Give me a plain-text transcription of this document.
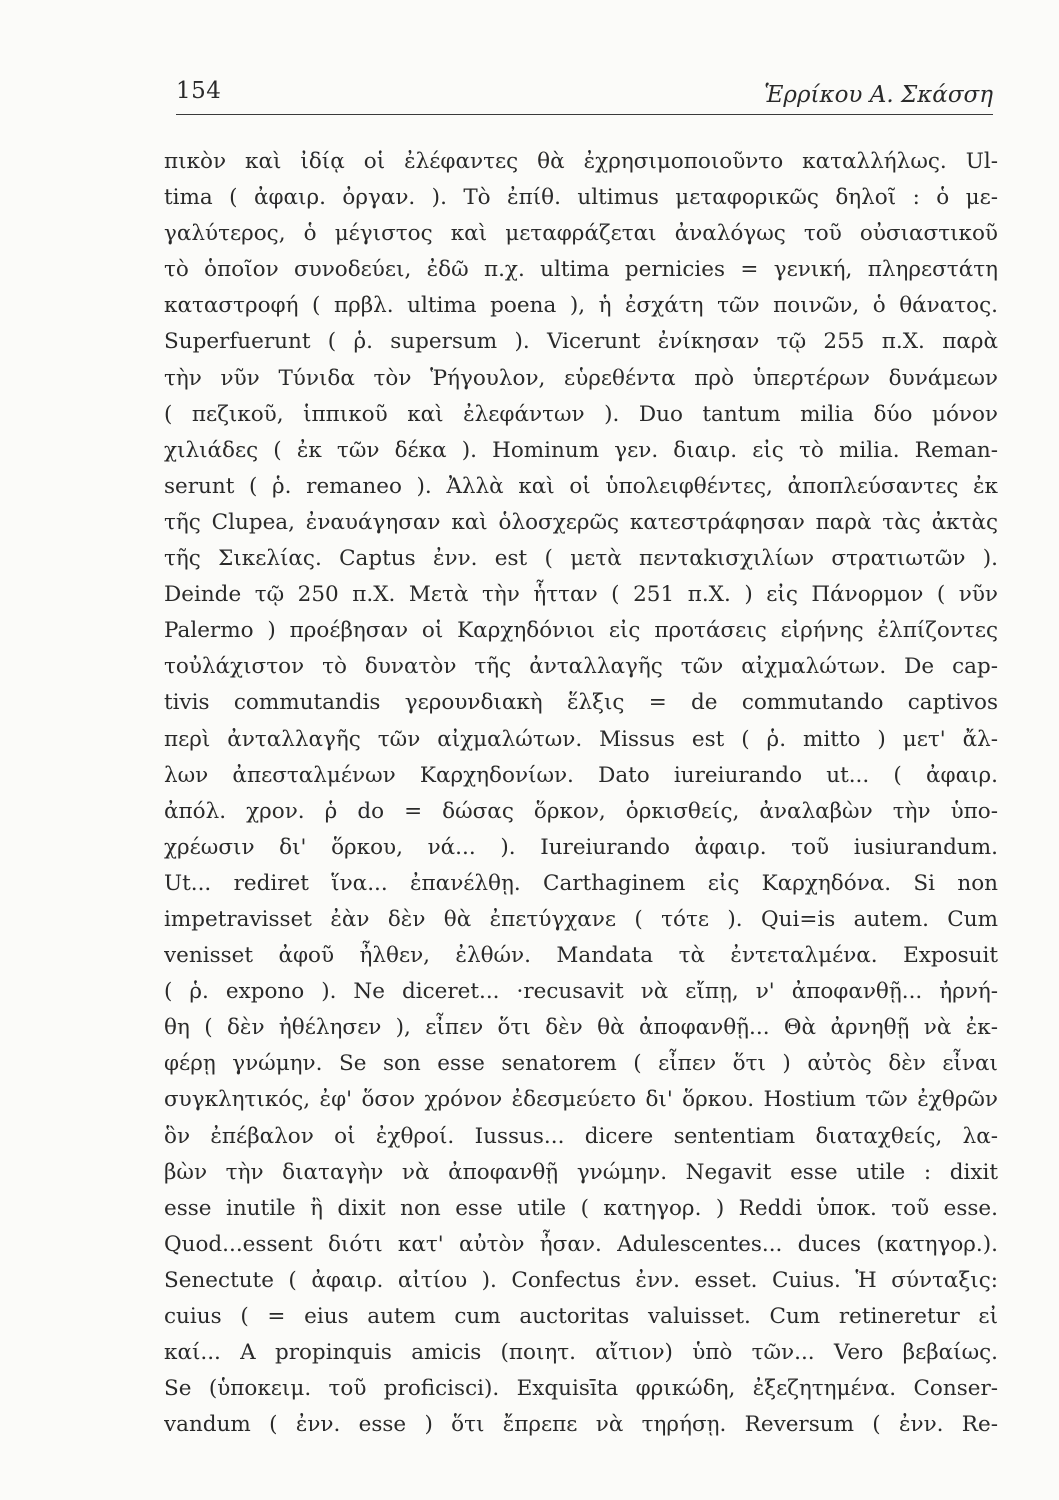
154	Ἑρρίκου Α. Σκάσση
πικὸν καὶ ἰδίᾳ οἱ ἐλέφαντες θὰ ἐχρησιμοποιοῦντο καταλλήλως. Ul-
tima ( ἀφαιρ. ὀργαν. ). Τὸ ἐπίθ. ultimus μεταφορικῶς δηλοῖ : ὁ με-
γαλύτερος, ὁ μέγιστος καὶ μεταφράζεται ἀναλόγως τοῦ οὐσιαστικοῦ
τὸ ὁποῖον συνοδεύει, ἐδῶ π.χ. ultima pernicies = γενική, πληρεστάτη
καταστροφή ( πρβλ. ultima poena ), ἡ ἐσχάτη τῶν ποινῶν, ὁ θάνατος.
Superfuerunt ( ῥ. supersum ). Vicerunt ἐνίκησαν τῷ 255 π.Χ. παρὰ
τὴν νῦν Τύνιδα τὸν Ῥήγουλον, εὑρεθέντα πρὸ ὑπερτέρων δυνάμεων
( πεζικοῦ, ἱππικοῦ καὶ ἐλεφάντων ). Duo tantum milia δύο μόνον
χιλιάδες ( ἐκ τῶν δέκα ). Hominum γεν. διαιρ. εἰς τὸ milia. Reman-
serunt ( ῥ. remaneo ). Ἀλλὰ καὶ οἱ ὑπολειφθέντες, ἀποπλεύσαντες ἐκ
τῆς Clupea, ἐναυάγησαν καὶ ὁλοσχερῶς κατεστράφησαν παρὰ τὰς ἀκτὰς
τῆς Σικελίας. Captus ἐνν. est ( μετὰ πενταkισχιλίων στρατιωτῶν ).
Deinde τῷ 250 π.Χ. Μετὰ τὴν ἧτταν ( 251 π.Χ. ) εἰς Πάνορμον ( νῦν
Palermo ) προέβησαν οἱ Καρχηδόνιοι εἰς προτάσεις εἰρήνης ἐλπίζοντες
τοὐλάχιστον τὸ δυνατὸν τῆς ἀνταλλαγῆς τῶν αἰχμαλώτων. De cap-
tivis commutandis γερουνδιακὴ ἕλξις = de commutando captivos
περὶ ἀνταλλαγῆς τῶν αἰχμαλώτων. Missus est ( ῥ. mitto ) μετ' ἄλ-
λων ἀπεσταλμένων Καρχηδονίων. Dato iureiurando ut... ( ἀφαιρ.
ἀπόλ. χρον. ῥ do = δώσας ὅρκον, ὁρκισθείς, ἀναλαβὼν τὴν ὑπο-
χρέωσιν δι' ὅρκου, νά... ). Iureiurando ἀφαιρ. τοῦ iusiurandum.
Ut... rediret ἵνα... ἐπανέλθῃ. Carthaginem εἰς Καρχηδόνα. Si non
impetravisset ἐὰν δὲν θὰ ἐπετύγχανε ( τότε ). Qui=is autem. Cum
venisset ἀφοῦ ἦλθεν, ἐλθών. Mandata τὰ ἐντεταλμένα. Exposuit
( ῥ. expono ). Ne diceret... ·recusavit νὰ εἴπῃ, ν' ἀποφανθῇ... ἠρνή-
θη ( δὲν ἠθέλησεν ), εἶπεν ὅτι δὲν θὰ ἀποφανθῇ... Θὰ ἀρνηθῇ νὰ ἐκ-
φέρῃ γνώμην. Se son esse senatorem ( εἶπεν ὅτι ) αὐτὸς δὲν εἶναι
συγκλητικός, ἐφ' ὅσον χρόνον ἐδεσμεύετο δι' ὅρκου. Hostium τῶν ἐχθρῶν
ὃν ἐπέβαλον οἱ ἐχθροί. Iussus... dicere sententiam διαταχθείς, λα-
βὼν τὴν διαταγὴν νὰ ἀποφανθῇ γνώμην. Negavit esse utile : dixit
esse inutile ἢ dixit non esse utile ( κατηγορ. ) Reddi ὑποκ. τοῦ esse.
Quod...essent διότι κατ' αὐτὸν ἦσαν. Adulescentes... duces (κατηγορ.).
Senectute ( ἀφαιρ. αἰτίου ). Confectus ἐνν. esset. Cuius. Ἡ σύνταξις:
cuius ( = eius autem cum auctoritas valuisset. Cum retineretur εἰ
καί... A propinquis amicis (ποιητ. αἴτιον) ὑπὸ τῶν... Vero βεβαίως.
Se (ὑποκειμ. τοῦ proficisci). Exquisīta φρικώδη, ἐξεζητημένα. Conser-
vandum ( ἐνν. esse ) ὅτι ἔπρεπε νὰ τηρήσῃ. Reversum ( ἐνν. Re-
